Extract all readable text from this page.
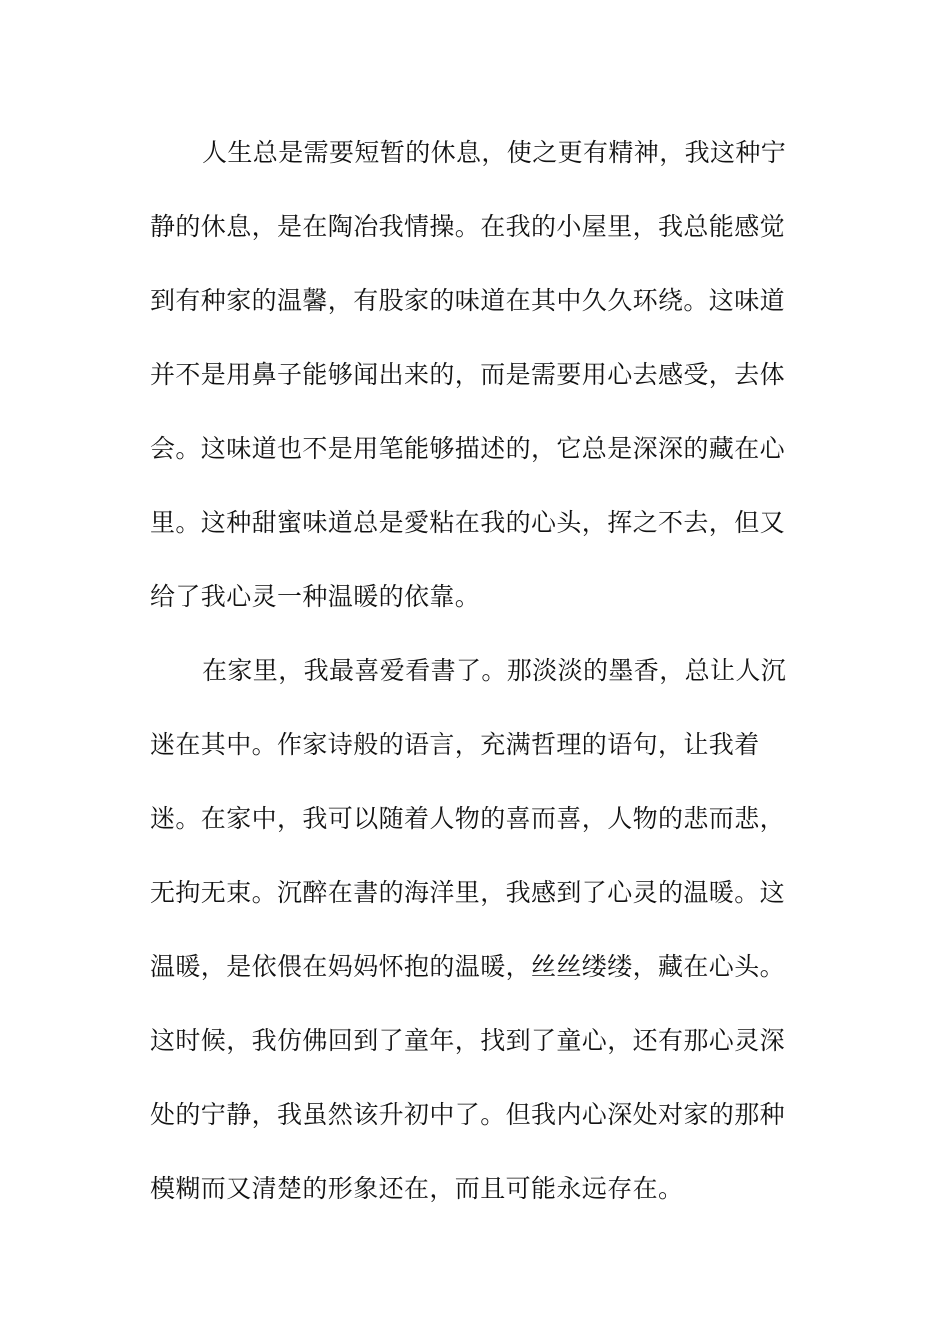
人生总是需要短暂的休息，使之更有精神，我这种宁
静的休息，是在陶冶我情操。在我的小屋里，我总能感觉
到有种家的温馨，有股家的味道在其中久久环绕。这味道
并不是用鼻子能够闻出来的，而是需要用心去感受，去体
会。这味道也不是用笔能够描述的，它总是深深的藏在心
里。这种甜蜜味道总是愛粘在我的心头，挥之不去，但又
给了我心灵一种温暖的依靠。
在家里，我最喜爱看書了。那淡淡的墨香，总让人沉
迷在其中。作家诗般的语言，充满哲理的语句，让我着
迷。在家中，我可以随着人物的喜而喜，人物的悲而悲，
无拘无束。沉醉在書的海洋里，我感到了心灵的温暖。这
温暖，是依偎在妈妈怀抱的温暖，丝丝缕缕，藏在心头。
这时候，我仿佛回到了童年，找到了童心，还有那心灵深
处的宁静，我虽然该升初中了。但我内心深处对家的那种
模糊而又清楚的形象还在，而且可能永远存在。
